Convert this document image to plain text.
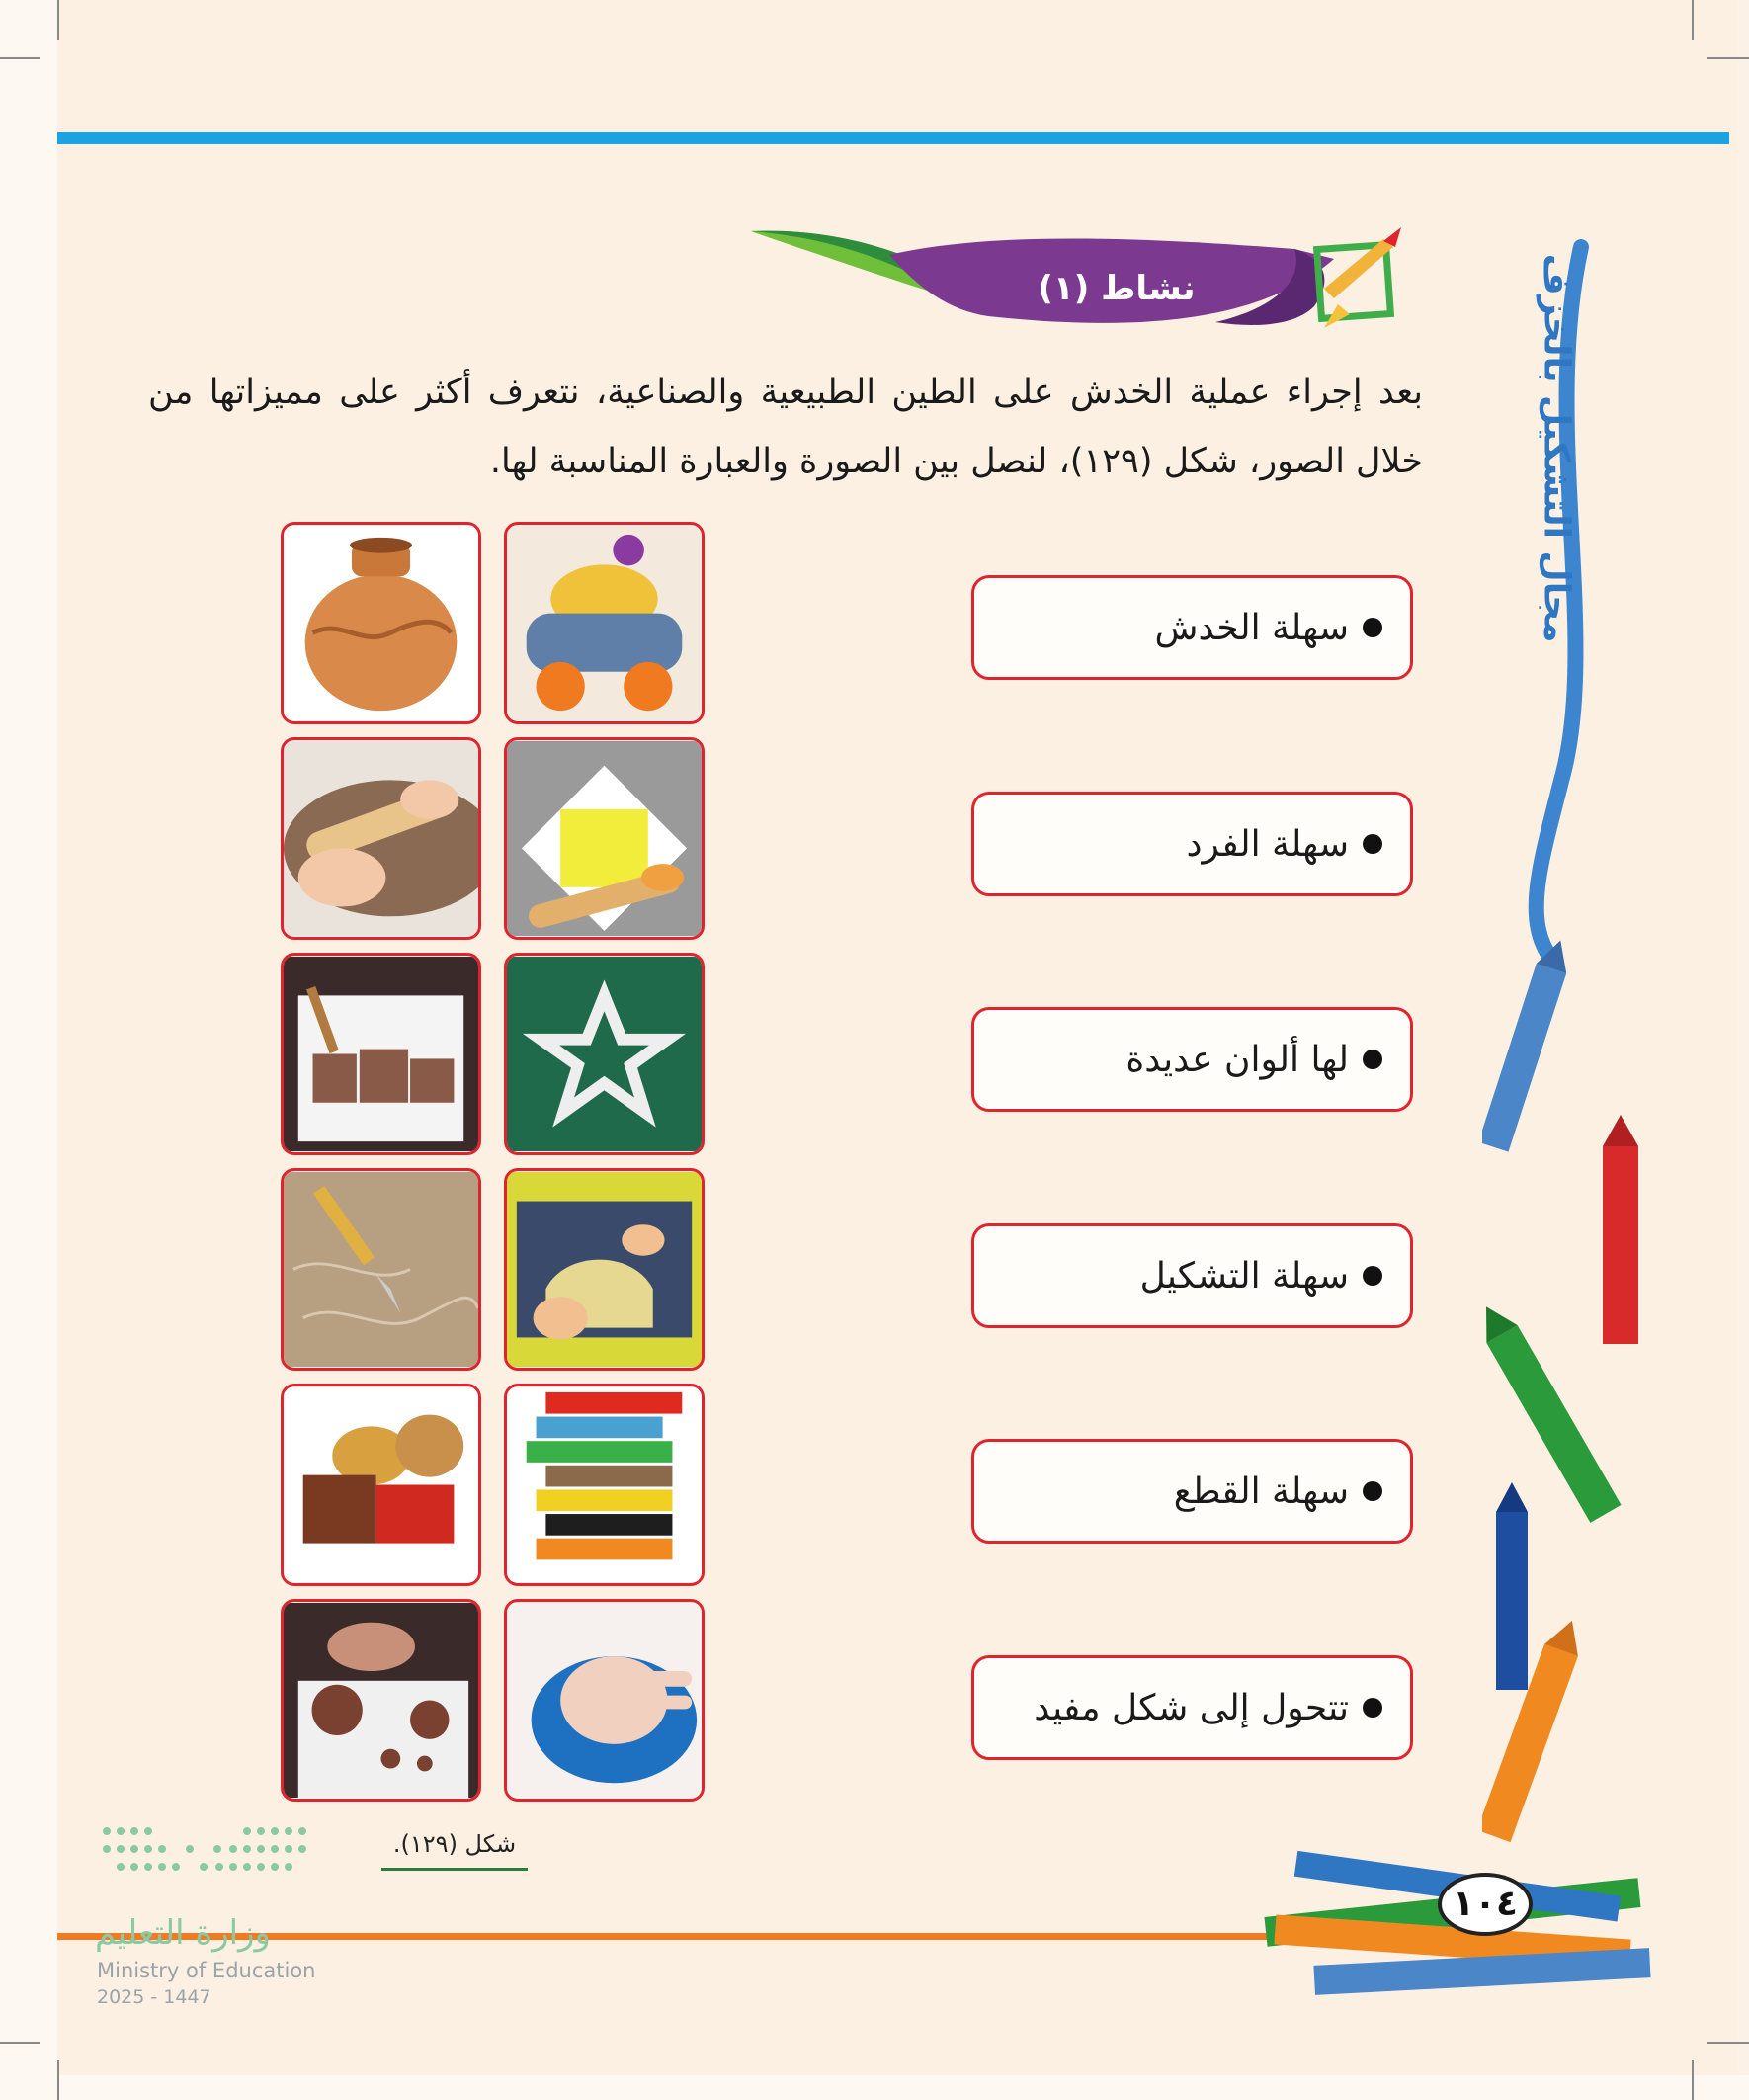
نشاط (١)
بعد إجراء عملية الخدش على الطين الطبيعية والصناعية، نتعرف أكثر على مميزاتها من خلال الصور، شكل (١٢٩)، لنصل بين الصورة والعبارة المناسبة لها.
سهلة الخدش
سهلة الفرد
لها ألوان عديدة
سهلة التشكيل
سهلة القطع
تتحول إلى شكل مفيد
شكل (١٢٩).
مجال التشكيل بالخزف
١٠٤
وزارة التعليم
Ministry of Education
2025 - 1447
